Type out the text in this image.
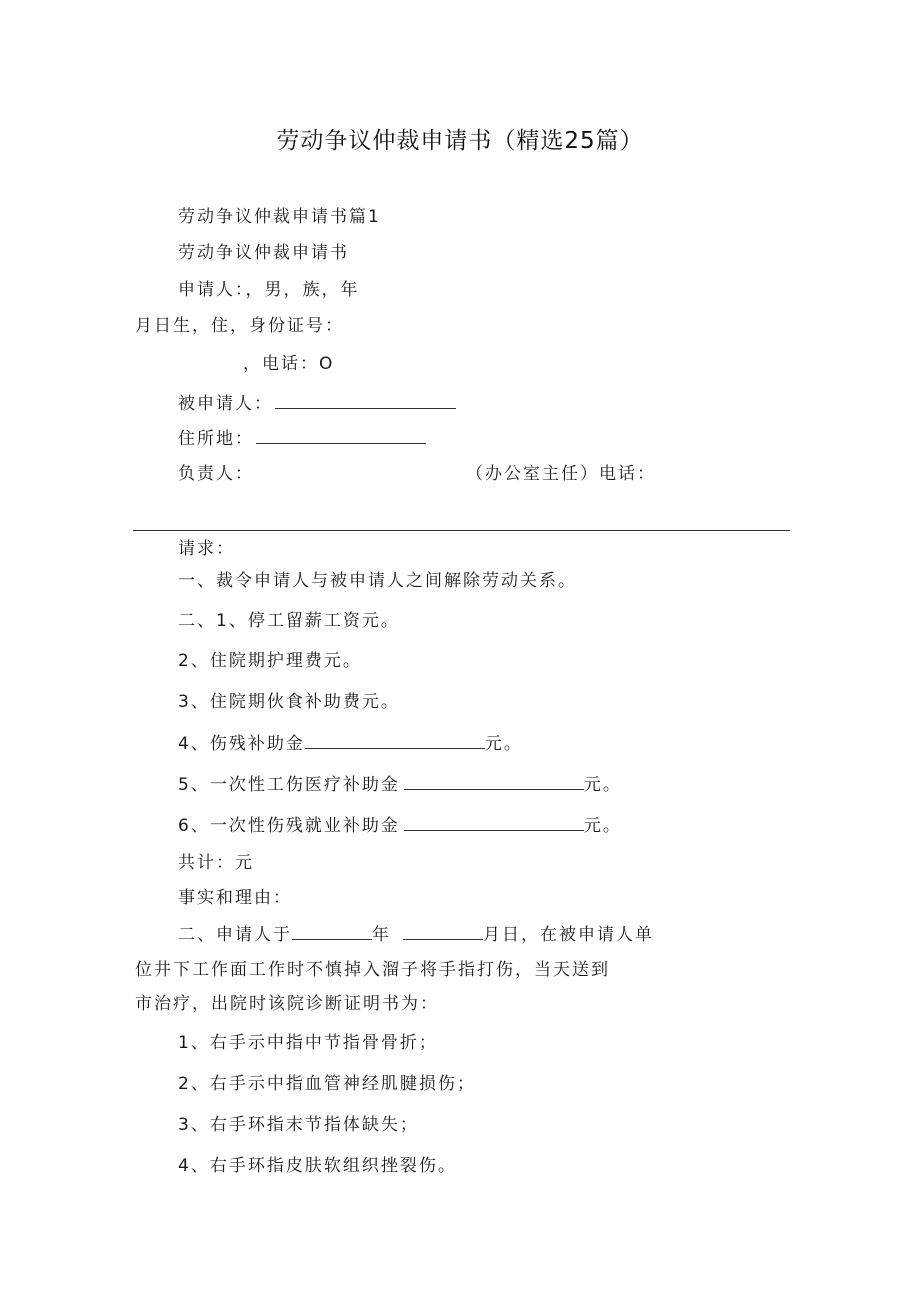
劳动争议仲裁申请书（精选25篇）
劳动争议仲裁申请书篇1
劳动争议仲裁申请书
申请人：，男，族，年
月日生，住，身份证号：
，电话：O
被申请人：
住所地：
负责人：	（办公室主任）电话：
请求：
一、裁令申请人与被申请人之间解除劳动关系。
二、1、停工留薪工资元。
2、住院期护理费元。
3、住院期伙食补助费元。
4、伤残补助金	元。
5、一次性工伤医疗补助金	元。
6、一次性伤残就业补助金	元。
共计：元
事实和理由：
二、申请人于	年	月日，在被申请人单
位井下工作面工作时不慎掉入溜子将手指打伤，当天送到
市治疗，出院时该院诊断证明书为：
1、右手示中指中节指骨骨折；
2、右手示中指血管神经肌腱损伤；
3、右手环指末节指体缺失；
4、右手环指皮肤软组织挫裂伤。
